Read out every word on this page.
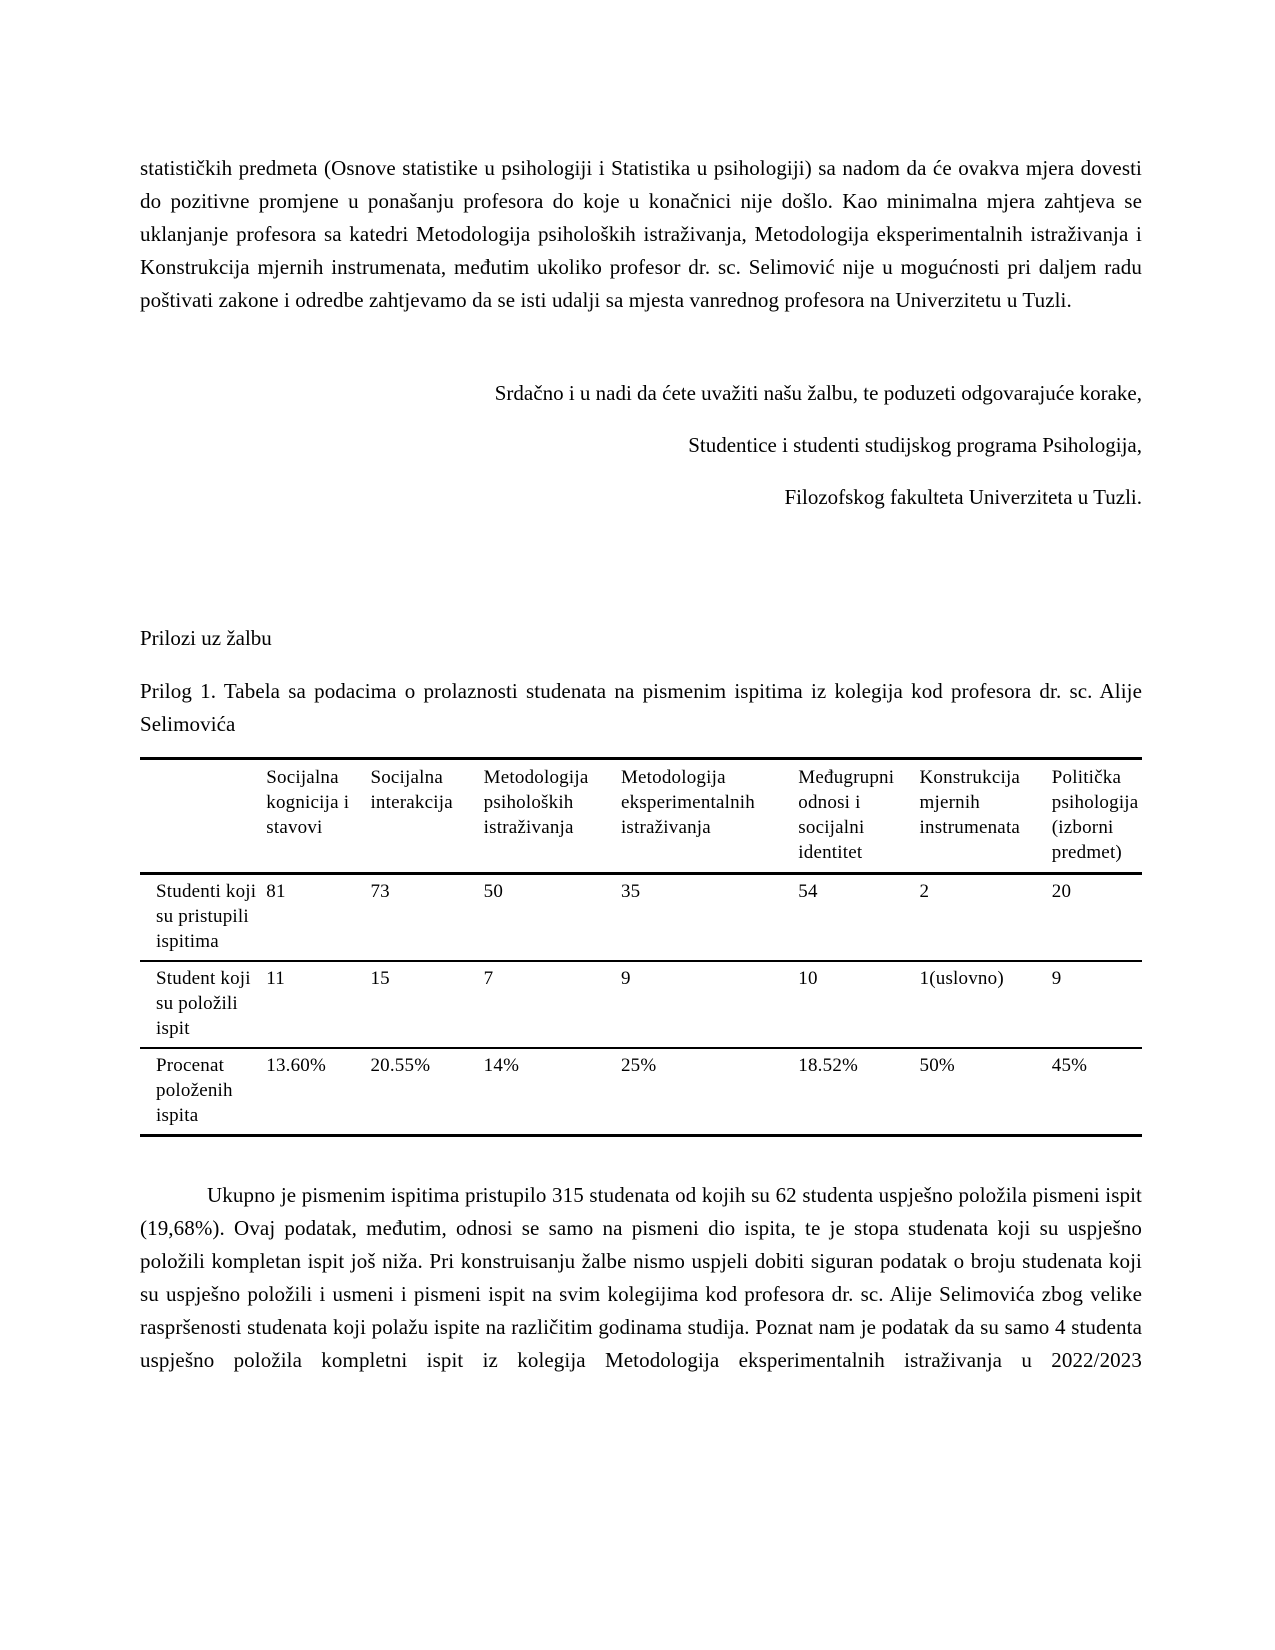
statističkih predmeta (Osnove statistike u psihologiji i Statistika u psihologiji) sa nadom da će ovakva mjera dovesti do pozitivne promjene u ponašanju profesora do koje u konačnici nije došlo. Kao minimalna mjera zahtjeva se uklanjanje profesora sa katedri Metodologija psiholoških istraživanja, Metodologija eksperimentalnih istraživanja i Konstrukcija mjernih instrumenata, međutim ukoliko profesor dr. sc. Selimović nije u mogućnosti pri daljem radu poštivati zakone i odredbe zahtjevamo da se isti udalji sa mjesta vanrednog profesora na Univerzitetu u Tuzli.

Srdačno i u nadi da ćete uvažiti našu žalbu, te poduzeti odgovarajuće korake,

Studentice i studenti studijskog programa Psihologija,

Filozofskog fakulteta Univerziteta u Tuzli.

Prilozi uz žalbu

Prilog 1. Tabela sa podacima o prolaznosti studenata na pismenim ispitima iz kolegija kod profesora dr. sc. Alije Selimovića

	Socijalna kognicija i stavovi	Socijalna interakcija	Metodologija psiholoških istraživanja	Metodologija eksperimentalnih istraživanja	Međugrupni odnosi i socijalni identitet	Konstrukcija mjernih instrumenata	Politička psihologija (izborni predmet)
Studenti koji su pristupili ispitima	81	73	50	35	54	2	20
Student koji su položili ispit	11	15	7	9	10	1(uslovno)	9
Procenat položenih ispita	13.60%	20.55%	14%	25%	18.52%	50%	45%

Ukupno je pismenim ispitima pristupilo 315 studenata od kojih su 62 studenta uspješno položila pismeni ispit (19,68%). Ovaj podatak, međutim, odnosi se samo na pismeni dio ispita, te je stopa studenata koji su uspješno položili kompletan ispit još niža. Pri konstruisanju žalbe nismo uspjeli dobiti siguran podatak o broju studenata koji su uspješno položili i usmeni i pismeni ispit na svim kolegijima kod profesora dr. sc. Alije Selimovića zbog velike raspršenosti studenata koji polažu ispite na različitim godinama studija. Poznat nam je podatak da su samo 4 studenta uspješno položila kompletni ispit iz kolegija Metodologija eksperimentalnih istraživanja u 2022/2023
